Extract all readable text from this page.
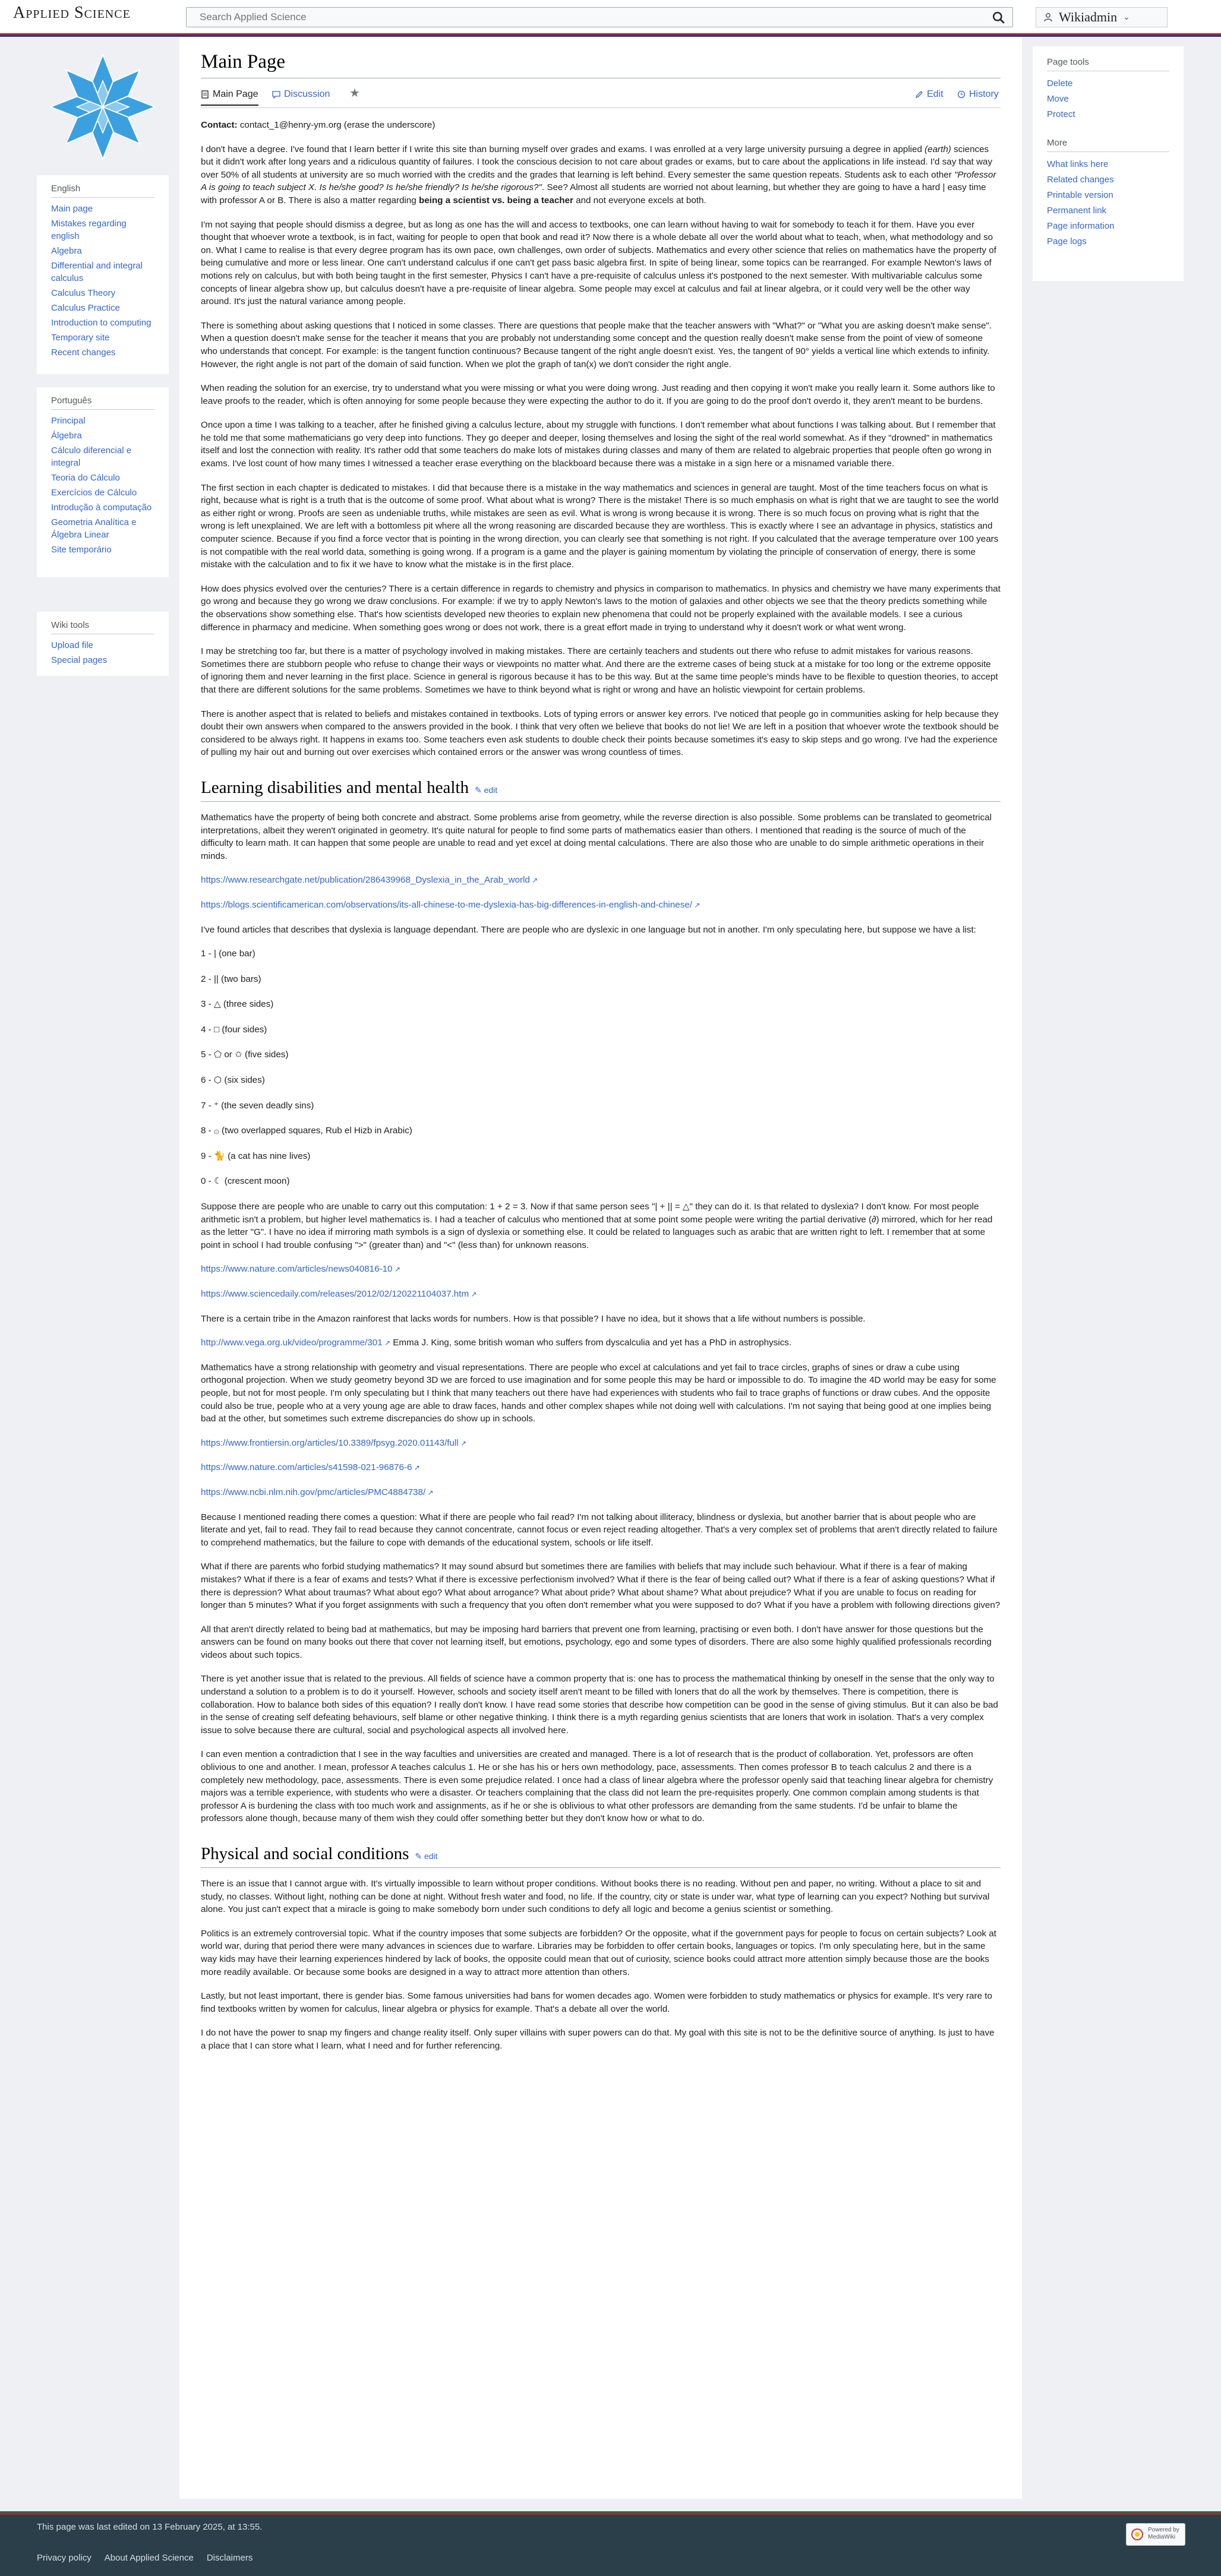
Applied Science
Search Applied Science	Wikiadmin ⌄
English
Main page
Mistakes regarding english
Algebra
Differential and integral calculus
Calculus Theory
Calculus Practice
Introduction to computing
Temporary site
Recent changes
Português
Principal
Álgebra
Cálculo diferencial e integral
Teoria do Cálculo
Exercícios de Cálculo
Introdução à computação
Geometria Analítica e Álgebra Linear
Site temporário
Wiki tools
Upload file
Special pages
Main Page
Main Page	Discussion ★	Edit	History

Contact: contact_1@henry-ym.org (erase the underscore)

I don't have a degree. I've found that I learn better if I write this site than burning myself over grades and exams. I was enrolled at a very large university pursuing a degree in applied (earth) sciences but it didn't work after long years and a ridiculous quantity of failures. I took the conscious decision to not care about grades or exams, but to care about the applications in life instead. I'd say that way over 50% of all students at university are so much worried with the credits and the grades that learning is left behind. Every semester the same question repeats. Students ask to each other "Professor A is going to teach subject X. Is he/she good? Is he/she friendly? Is he/she rigorous?". See? Almost all students are worried not about learning, but whether they are going to have a hard | easy time with professor A or B. There is also a matter regarding being a scientist vs. being a teacher and not everyone excels at both.

I'm not saying that people should dismiss a degree, but as long as one has the will and access to textbooks, one can learn without having to wait for somebody to teach it for them. Have you ever thought that whoever wrote a textbook, is in fact, waiting for people to open that book and read it? Now there is a whole debate all over the world about what to teach, when, what methodology and so on. What I came to realise is that every degree program has its own pace, own challenges, own order of subjects. Mathematics and every other science that relies on mathematics have the property of being cumulative and more or less linear. One can't understand calculus if one can't get pass basic algebra first. In spite of being linear, some topics can be rearranged. For example Newton's laws of motions rely on calculus, but with both being taught in the first semester, Physics I can't have a pre-requisite of calculus unless it's postponed to the next semester. With multivariable calculus some concepts of linear algebra show up, but calculus doesn't have a pre-requisite of linear algebra. Some people may excel at calculus and fail at linear algebra, or it could very well be the other way around. It's just the natural variance among people.

There is something about asking questions that I noticed in some classes. There are questions that people make that the teacher answers with "What?" or "What you are asking doesn't make sense". When a question doesn't make sense for the teacher it means that you are probably not understanding some concept and the question really doesn't make sense from the point of view of someone who understands that concept. For example: is the tangent function continuous? Because tangent of the right angle doesn't exist. Yes, the tangent of 90° yields a vertical line which extends to infinity. However, the right angle is not part of the domain of said function. When we plot the graph of tan(x) we don't consider the right angle.

When reading the solution for an exercise, try to understand what you were missing or what you were doing wrong. Just reading and then copying it won't make you really learn it. Some authors like to leave proofs to the reader, which is often annoying for some people because they were expecting the author to do it. If you are going to do the proof don't overdo it, they aren't meant to be burdens.

Once upon a time I was talking to a teacher, after he finished giving a calculus lecture, about my struggle with functions. I don't remember what about functions I was talking about. But I remember that he told me that some mathematicians go very deep into functions. They go deeper and deeper, losing themselves and losing the sight of the real world somewhat. As if they "drowned" in mathematics itself and lost the connection with reality. It's rather odd that some teachers do make lots of mistakes during classes and many of them are related to algebraic properties that people often go wrong in exams. I've lost count of how many times I witnessed a teacher erase everything on the blackboard because there was a mistake in a sign here or a misnamed variable there.

The first section in each chapter is dedicated to mistakes. I did that because there is a mistake in the way mathematics and sciences in general are taught. Most of the time teachers focus on what is right, because what is right is a truth that is the outcome of some proof. What about what is wrong? There is the mistake! There is so much emphasis on what is right that we are taught to see the world as either right or wrong. Proofs are seen as undeniable truths, while mistakes are seen as evil. What is wrong is wrong because it is wrong. There is so much focus on proving what is right that the wrong is left unexplained. We are left with a bottomless pit where all the wrong reasoning are discarded because they are worthless. This is exactly where I see an advantage in physics, statistics and computer science. Because if you find a force vector that is pointing in the wrong direction, you can clearly see that something is not right. If you calculated that the average temperature over 100 years is not compatible with the real world data, something is going wrong. If a program is a game and the player is gaining momentum by violating the principle of conservation of energy, there is some mistake with the calculation and to fix it we have to know what the mistake is in the first place.

How does physics evolved over the centuries? There is a certain difference in regards to chemistry and physics in comparison to mathematics. In physics and chemistry we have many experiments that go wrong and because they go wrong we draw conclusions. For example: if we try to apply Newton's laws to the motion of galaxies and other objects we see that the theory predicts something while the observations show something else. That's how scientists developed new theories to explain new phenomena that could not be properly explained with the available models. I see a curious difference in pharmacy and medicine. When something goes wrong or does not work, there is a great effort made in trying to understand why it doesn't work or what went wrong.

I may be stretching too far, but there is a matter of psychology involved in making mistakes. There are certainly teachers and students out there who refuse to admit mistakes for various reasons. Sometimes there are stubborn people who refuse to change their ways or viewpoints no matter what. And there are the extreme cases of being stuck at a mistake for too long or the extreme opposite of ignoring them and never learning in the first place. Science in general is rigorous because it has to be this way. But at the same time people's minds have to be flexible to question theories, to accept that there are different solutions for the same problems. Sometimes we have to think beyond what is right or wrong and have an holistic viewpoint for certain problems.

There is another aspect that is related to beliefs and mistakes contained in textbooks. Lots of typing errors or answer key errors. I've noticed that people go in communities asking for help because they doubt their own answers when compared to the answers provided in the book. I think that very often we believe that books do not lie! We are left in a position that whoever wrote the textbook should be considered to be always right. It happens in exams too. Some teachers even ask students to double check their points because sometimes it's easy to skip steps and go wrong. I've had the experience of pulling my hair out and burning out over exercises which contained errors or the answer was wrong countless of times.

Learning disabilities and mental health ✎ edit

Mathematics have the property of being both concrete and abstract. Some problems arise from geometry, while the reverse direction is also possible. Some problems can be translated to geometrical interpretations, albeit they weren't originated in geometry. It's quite natural for people to find some parts of mathematics easier than others. I mentioned that reading is the source of much of the difficulty to learn math. It can happen that some people are unable to read and yet excel at doing mental calculations. There are also those who are unable to do simple arithmetic operations in their minds.

https://www.researchgate.net/publication/286439968_Dyslexia_in_the_Arab_world ↗

https://blogs.scientificamerican.com/observations/its-all-chinese-to-me-dyslexia-has-big-differences-in-english-and-chinese/ ↗

I've found articles that describes that dyslexia is language dependant. There are people who are dyslexic in one language but not in another. I'm only speculating here, but suppose we have a list:

1 - | (one bar)
2 - || (two bars)
3 - △ (three sides)
4 - □ (four sides)
5 - ⬠ or ✩ (five sides)
6 - ⬡ (six sides)
7 - ⁺ (the seven deadly sins)
8 - ۞ (two overlapped squares, Rub el Hizb in Arabic)
9 - 🐈 (a cat has nine lives)
0 - ☾ (crescent moon)

Suppose there are people who are unable to carry out this computation: 1 + 2 = 3. Now if that same person sees "| + || = △" they can do it. Is that related to dyslexia? I don't know. For most people arithmetic isn't a problem, but higher level mathematics is. I had a teacher of calculus who mentioned that at some point some people were writing the partial derivative (∂) mirrored, which for her read as the letter "G". I have no idea if mirroring math symbols is a sign of dyslexia or something else. It could be related to languages such as arabic that are written right to left. I remember that at some point in school I had trouble confusing ">" (greater than) and "<" (less than) for unknown reasons.

https://www.nature.com/articles/news040816-10 ↗

https://www.sciencedaily.com/releases/2012/02/120221104037.htm ↗

There is a certain tribe in the Amazon rainforest that lacks words for numbers. How is that possible? I have no idea, but it shows that a life without numbers is possible.

http://www.vega.org.uk/video/programme/301 ↗ Emma J. King, some british woman who suffers from dyscalculia and yet has a PhD in astrophysics.

Mathematics have a strong relationship with geometry and visual representations. There are people who excel at calculations and yet fail to trace circles, graphs of sines or draw a cube using orthogonal projection. When we study geometry beyond 3D we are forced to use imagination and for some people this may be hard or impossible to do. To imagine the 4D world may be easy for some people, but not for most people. I'm only speculating but I think that many teachers out there have had experiences with students who fail to trace graphs of functions or draw cubes. And the opposite could also be true, people who at a very young age are able to draw faces, hands and other complex shapes while not doing well with calculations. I'm not saying that being good at one implies being bad at the other, but sometimes such extreme discrepancies do show up in schools.

https://www.frontiersin.org/articles/10.3389/fpsyg.2020.01143/full ↗

https://www.nature.com/articles/s41598-021-96876-6 ↗

https://www.ncbi.nlm.nih.gov/pmc/articles/PMC4884738/ ↗

Because I mentioned reading there comes a question: What if there are people who fail read? I'm not talking about illiteracy, blindness or dyslexia, but another barrier that is about people who are literate and yet, fail to read. They fail to read because they cannot concentrate, cannot focus or even reject reading altogether. That's a very complex set of problems that aren't directly related to failure to comprehend mathematics, but the failure to cope with demands of the educational system, schools or life itself.

What if there are parents who forbid studying mathematics? It may sound absurd but sometimes there are families with beliefs that may include such behaviour. What if there is a fear of making mistakes? What if there is a fear of exams and tests? What if there is excessive perfectionism involved? What if there is the fear of being called out? What if there is a fear of asking questions? What if there is depression? What about traumas? What about ego? What about arrogance? What about pride? What about shame? What about prejudice? What if you are unable to focus on reading for longer than 5 minutes? What if you forget assignments with such a frequency that you often don't remember what you were supposed to do? What if you have a problem with following directions given?

All that aren't directly related to being bad at mathematics, but may be imposing hard barriers that prevent one from learning, practising or even both. I don't have answer for those questions but the answers can be found on many books out there that cover not learning itself, but emotions, psychology, ego and some types of disorders. There are also some highly qualified professionals recording videos about such topics.

There is yet another issue that is related to the previous. All fields of science have a common property that is: one has to process the mathematical thinking by oneself in the sense that the only way to understand a solution to a problem is to do it yourself. However, schools and society itself aren't meant to be filled with loners that do all the work by themselves. There is competition, there is collaboration. How to balance both sides of this equation? I really don't know. I have read some stories that describe how competition can be good in the sense of giving stimulus. But it can also be bad in the sense of creating self defeating behaviours, self blame or other negative thinking. I think there is a myth regarding genius scientists that are loners that work in isolation. That's a very complex issue to solve because there are cultural, social and psychological aspects all involved here.

I can even mention a contradiction that I see in the way faculties and universities are created and managed. There is a lot of research that is the product of collaboration. Yet, professors are often oblivious to one and another. I mean, professor A teaches calculus 1. He or she has his or hers own methodology, pace, assessments. Then comes professor B to teach calculus 2 and there is a completely new methodology, pace, assessments. There is even some prejudice related. I once had a class of linear algebra where the professor openly said that teaching linear algebra for chemistry majors was a terrible experience, with students who were a disaster. Or teachers complaining that the class did not learn the pre-requisites properly. One common complain among students is that professor A is burdening the class with too much work and assignments, as if he or she is oblivious to what other professors are demanding from the same students. I'd be unfair to blame the professors alone though, because many of them wish they could offer something better but they don't know how or what to do.

Physical and social conditions ✎ edit

There is an issue that I cannot argue with. It's virtually impossible to learn without proper conditions. Without books there is no reading. Without pen and paper, no writing. Without a place to sit and study, no classes. Without light, nothing can be done at night. Without fresh water and food, no life. If the country, city or state is under war, what type of learning can you expect? Nothing but survival alone. You just can't expect that a miracle is going to make somebody born under such conditions to defy all logic and become a genius scientist or something.

Politics is an extremely controversial topic. What if the country imposes that some subjects are forbidden? Or the opposite, what if the government pays for people to focus on certain subjects? Look at world war, during that period there were many advances in sciences due to warfare. Libraries may be forbidden to offer certain books, languages or topics. I'm only speculating here, but in the same way kids may have their learning experiences hindered by lack of books, the opposite could mean that out of curiosity, science books could attract more attention simply because those are the books more readily available. Or because some books are designed in a way to attract more attention than others.

Lastly, but not least important, there is gender bias. Some famous universities had bans for women decades ago. Women were forbidden to study mathematics or physics for example. It's very rare to find textbooks written by women for calculus, linear algebra or physics for example. That's a debate all over the world.

I do not have the power to snap my fingers and change reality itself. Only super villains with super powers can do that. My goal with this site is not to be the definitive source of anything. Is just to have a place that I can store what I learn, what I need and for further referencing.

Page tools
Delete
Move
Protect
More
What links here
Related changes
Printable version
Permanent link
Page information
Page logs
This page was last edited on 13 February 2025, at 13:55.
Privacy policy About Applied Science Disclaimers
Powered by MediaWiki
